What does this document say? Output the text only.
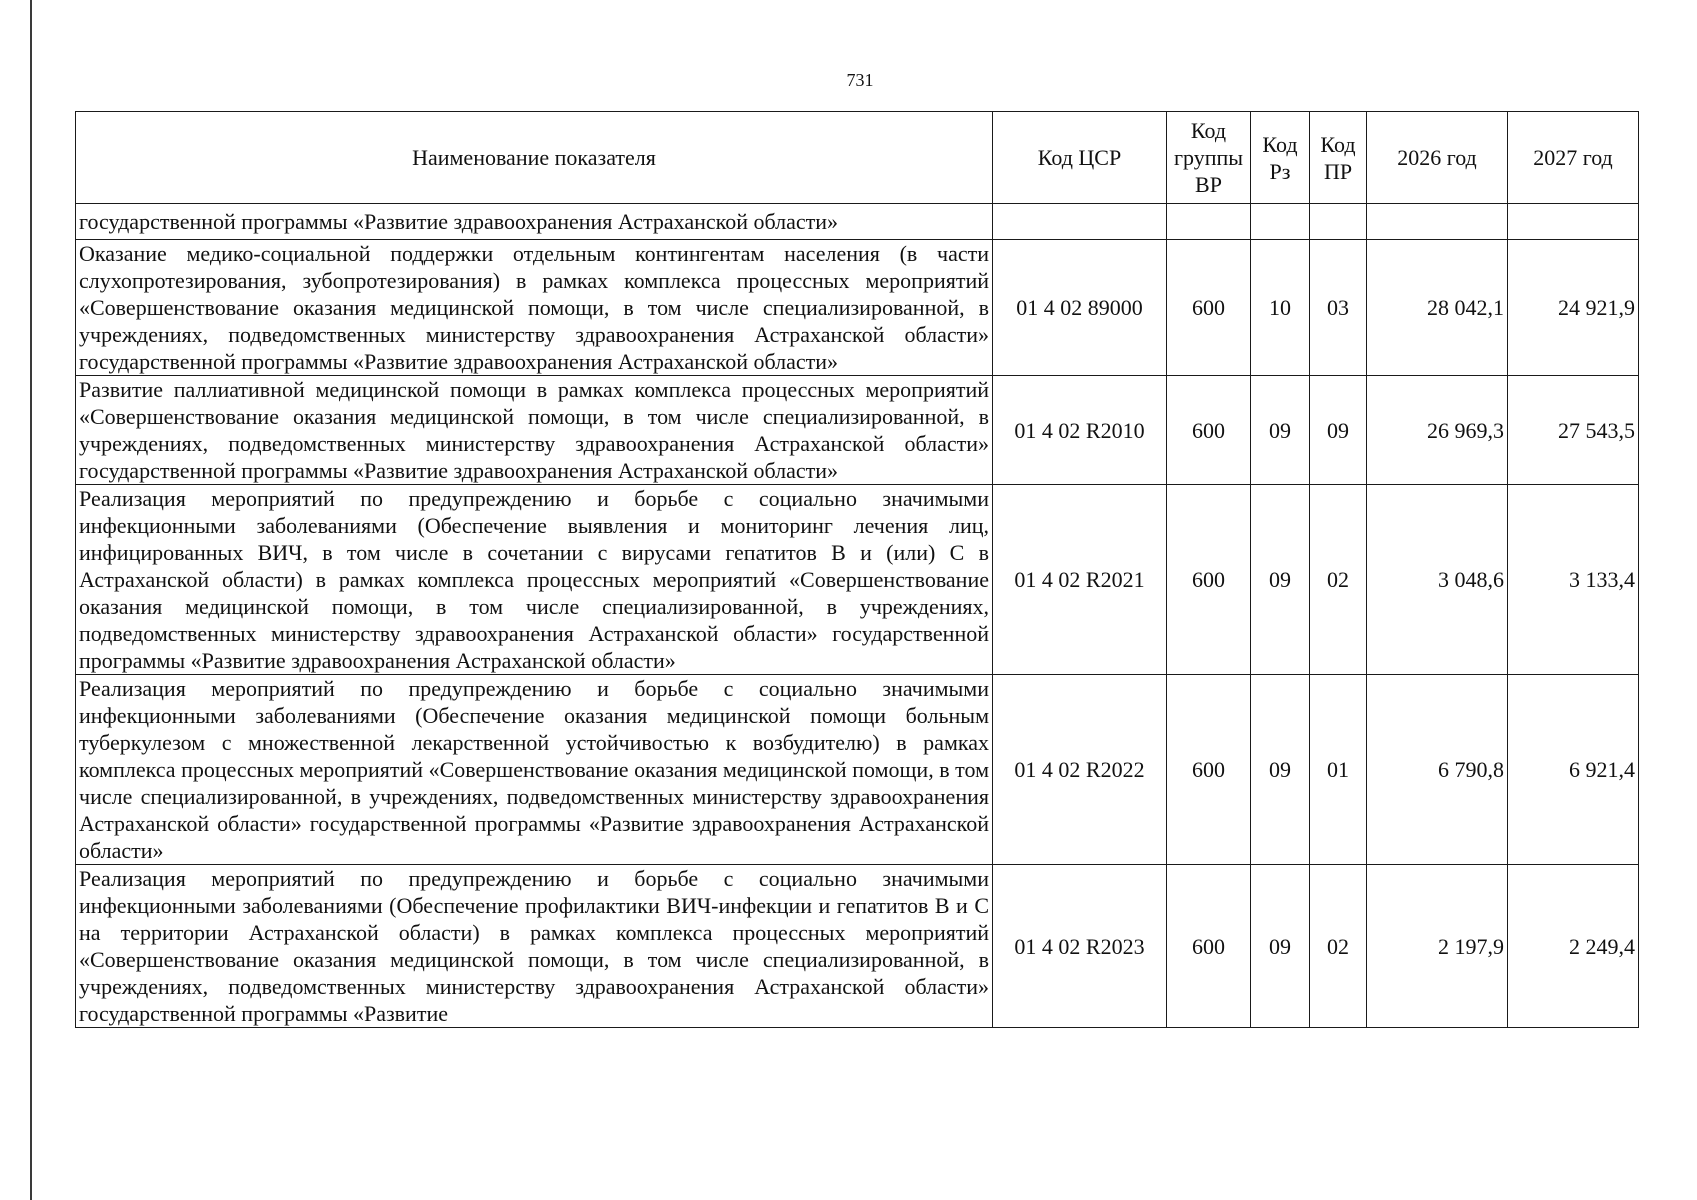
731
Наименование показателя	Код ЦСР	Код группы ВР	Код Рз	Код ПР	2026 год	2027 год
государственной программы «Развитие здравоохранения Астраханской области»						
Оказание медико-социальной поддержки отдельным контингентам населения (в части слухопротезирования, зубопротезирования) в рамках комплекса процессных мероприятий «Совершенствование оказания медицинской помощи, в том числе специализированной, в учреждениях, подведомственных министерству здравоохранения Астраханской области» государственной программы «Развитие здравоохранения Астраханской области»	01 4 02 89000	600	10	03	28 042,1	24 921,9
Развитие паллиативной медицинской помощи в рамках комплекса процессных мероприятий «Совершенствование оказания медицинской помощи, в том числе специализированной, в учреждениях, подведомственных министерству здравоохранения Астраханской области» государственной программы «Развитие здравоохранения Астраханской области»	01 4 02 R2010	600	09	09	26 969,3	27 543,5
Реализация мероприятий по предупреждению и борьбе с социально значимыми инфекционными заболеваниями (Обеспечение выявления и мониторинг лечения лиц, инфицированных ВИЧ, в том числе в сочетании с вирусами гепатитов В и (или) С в Астраханской области) в рамках комплекса процессных мероприятий «Совершенствование оказания медицинской помощи, в том числе специализированной, в учреждениях, подведомственных министерству здравоохранения Астраханской области» государственной программы «Развитие здравоохранения Астраханской области»	01 4 02 R2021	600	09	02	3 048,6	3 133,4
Реализация мероприятий по предупреждению и борьбе с социально значимыми инфекционными заболеваниями (Обеспечение оказания медицинской помощи больным туберкулезом с множественной лекарственной устойчивостью к возбудителю) в рамках комплекса процессных мероприятий «Совершенствование оказания медицинской помощи, в том числе специализированной, в учреждениях, подведомственных министерству здравоохранения Астраханской области» государственной программы «Развитие здравоохранения Астраханской области»	01 4 02 R2022	600	09	01	6 790,8	6 921,4
Реализация мероприятий по предупреждению и борьбе с социально значимыми инфекционными заболеваниями (Обеспечение профилактики ВИЧ-инфекции и гепатитов В и С на территории Астраханской области) в рамках комплекса процессных мероприятий «Совершенствование оказания медицинской помощи, в том числе специализированной, в учреждениях, подведомственных министерству здравоохранения Астраханской области» государственной программы «Развитие	01 4 02 R2023	600	09	02	2 197,9	2 249,4
